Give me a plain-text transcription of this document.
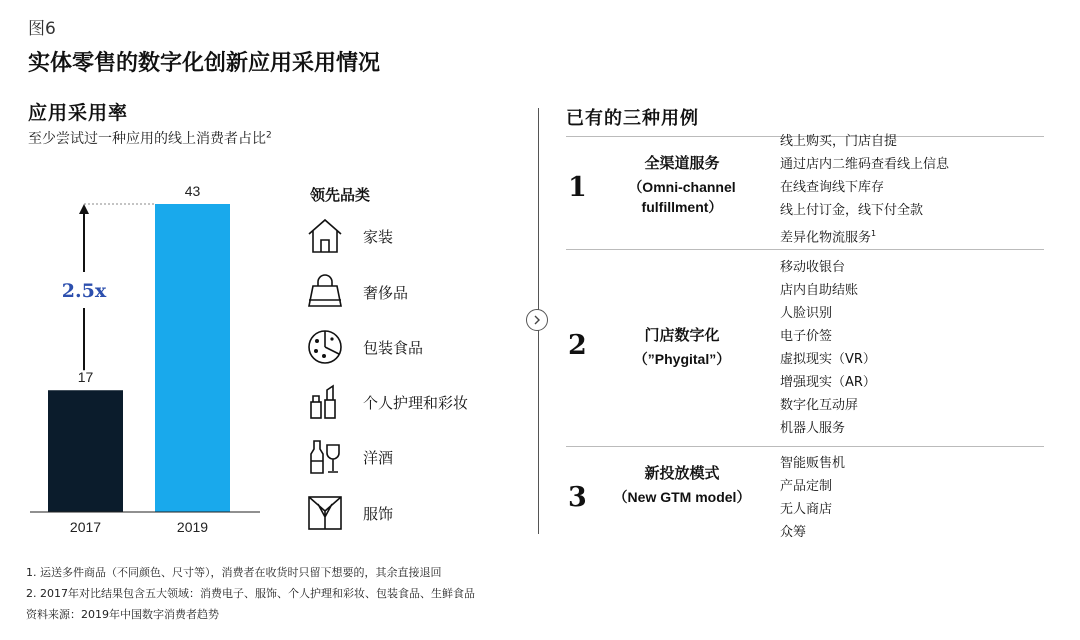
图6
实体零售的数字化创新应用采用情况
应用采用率
至少尝试过一种应用的线上消费者占比$^2$
17
2017
43
2019
2.5x
领先品类
家装
奢侈品
包装食品
个人护理和彩妆
洋酒
服饰
已有的三种用例
1
全渠道服务
（Omni-channel fulfillment）
线上购买，门店自提
通过店内二维码查看线上信息
在线查询线下库存
线上付订金，线下付全款
差异化物流服务$^1$
2	门店数字化
（”Phygital”）
移动收银台
店内自助结账
人脸识别
电子价签
虚拟现实（VR）
增强现实（AR）
数字化互动屏
机器人服务
3
新投放模式
（New GTM model）
智能贩售机
产品定制
无人商店
众筹
1. 运送多件商品（不同颜色、尺寸等），消费者在收货时只留下想要的，其余直接退回
2. 2017年对比结果包含五大领域：消费电子、服饰、个人护理和彩妆、包装食品、生鲜食品
资料来源：2019年中国数字消费者趋势
